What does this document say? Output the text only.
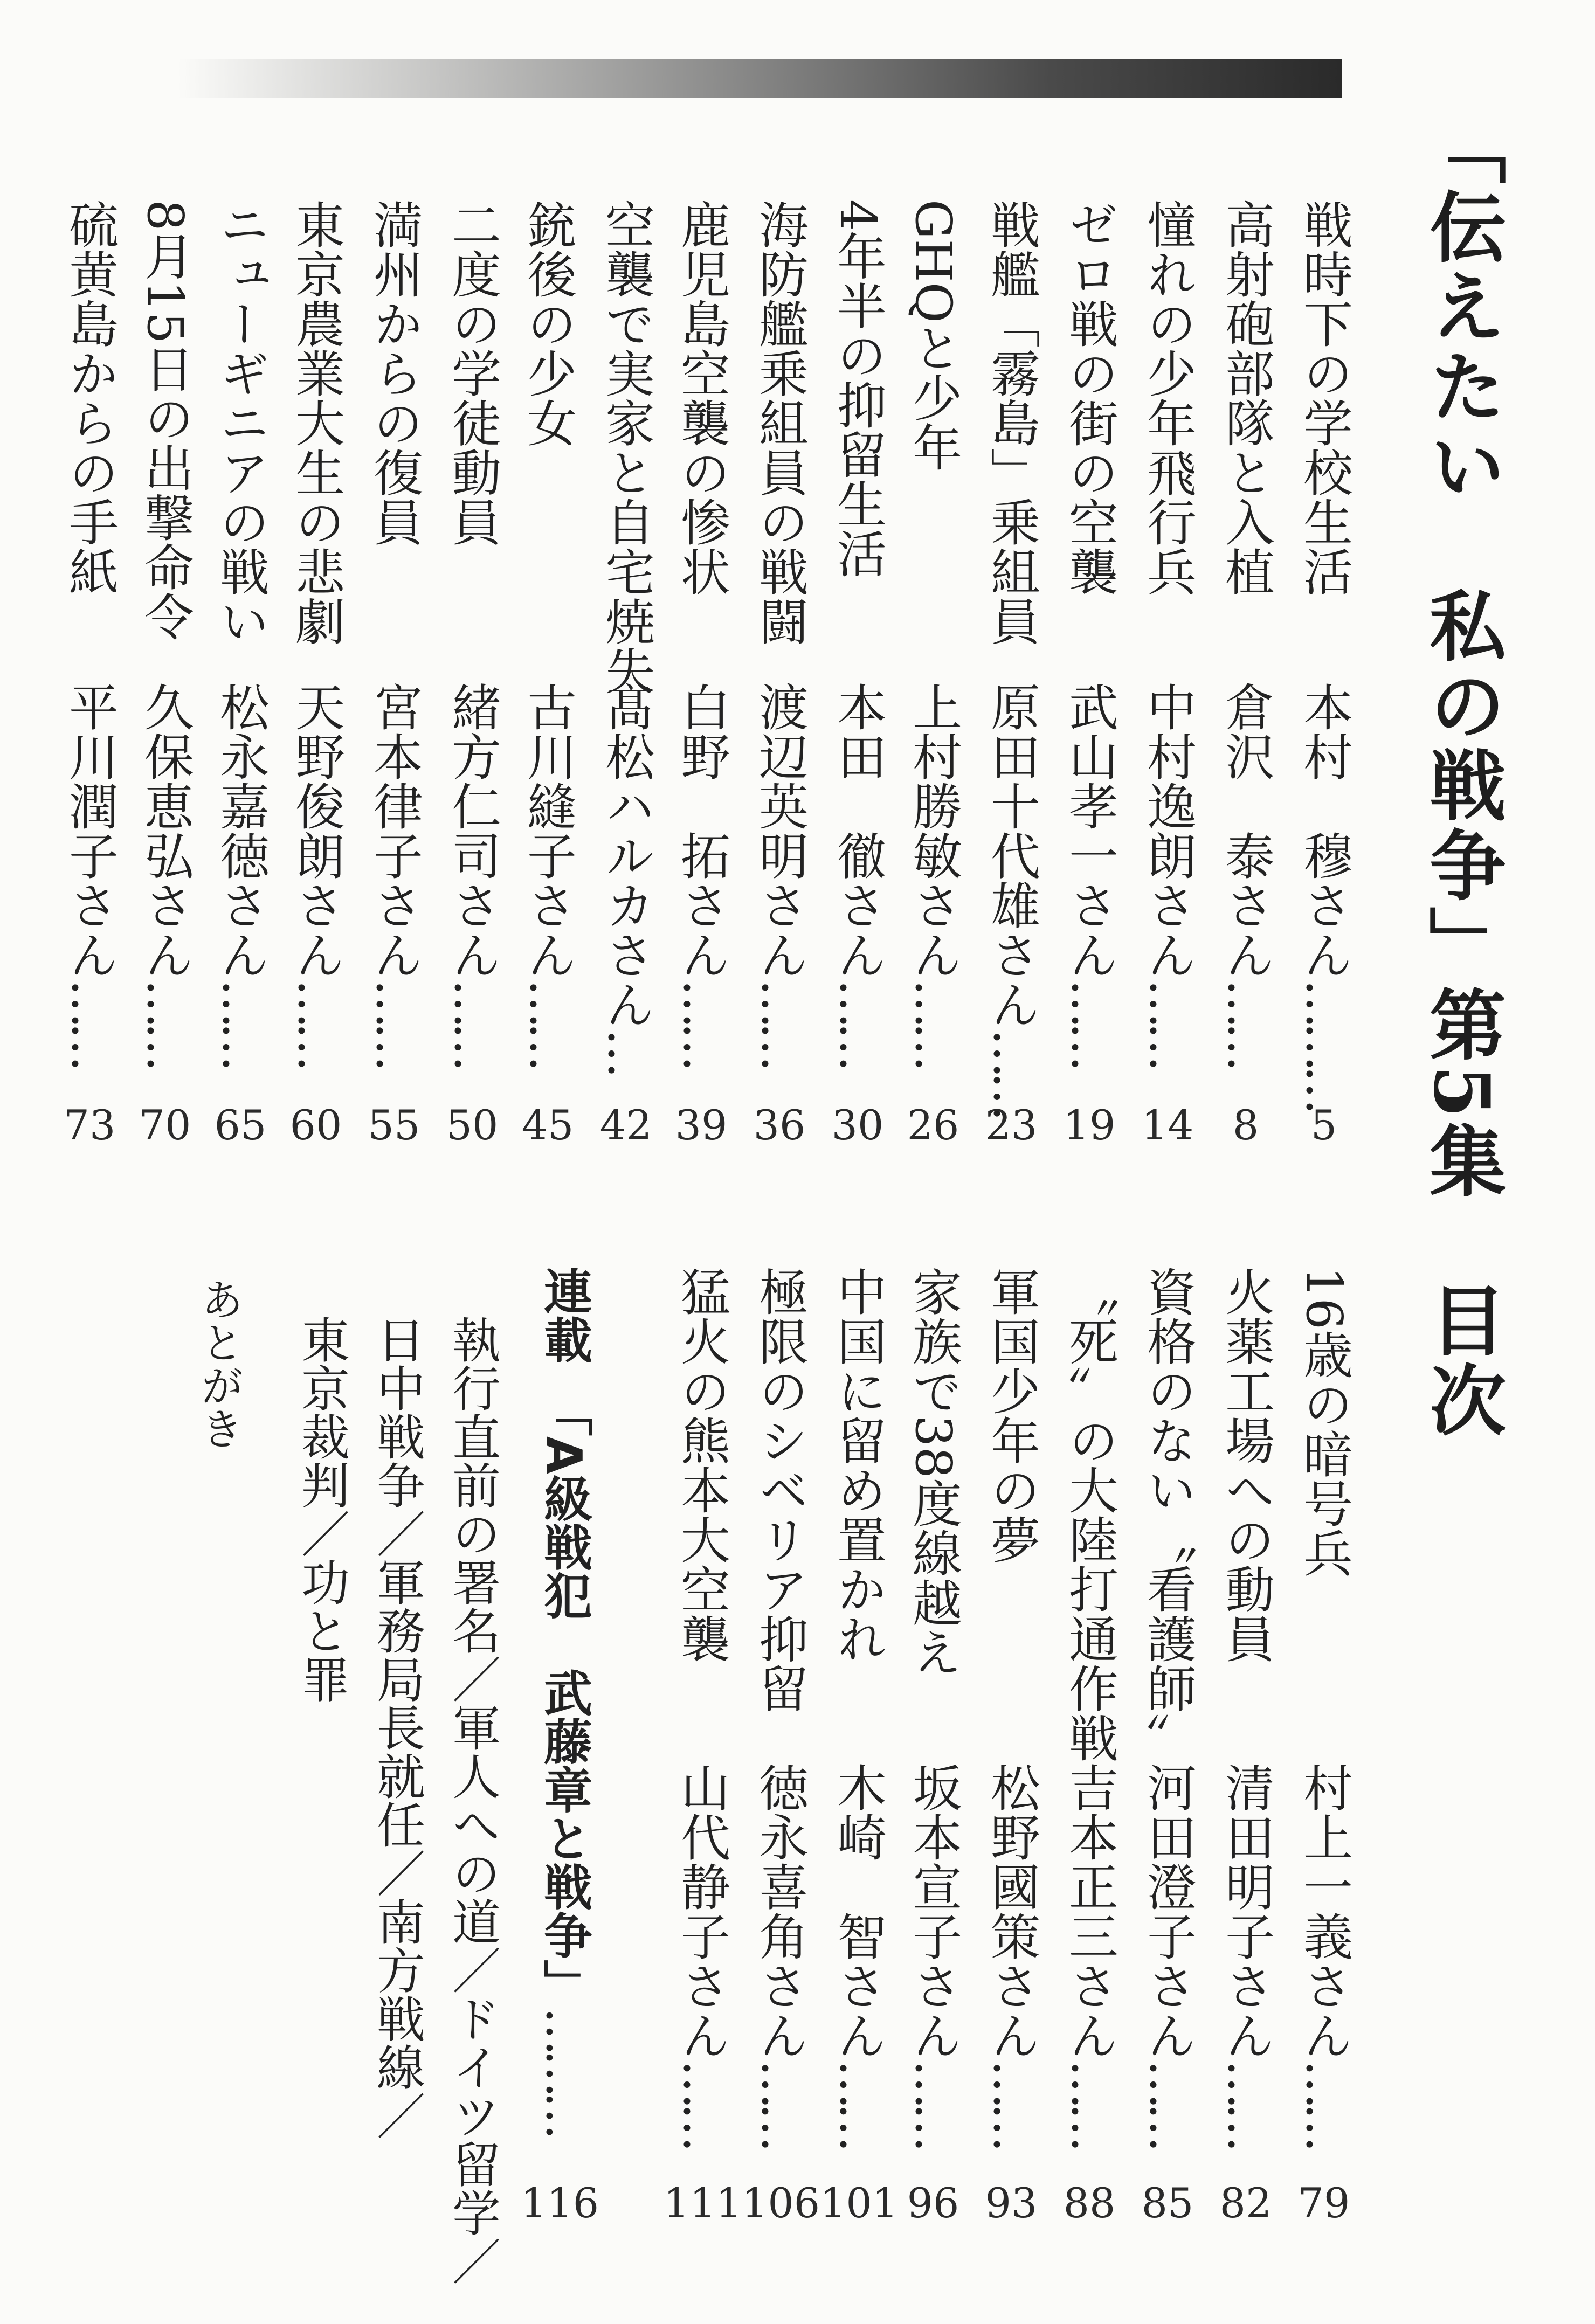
「伝えたい　私の戦争」第5集　目次
戦時下の学校生活
高射砲部隊と入植
憧れの少年飛行兵
ゼロ戦の街の空襲
戦艦「霧島」乗組員
GHQと少年
4年半の抑留生活
海防艦乗組員の戦闘
鹿児島空襲の惨状
空襲で実家と自宅焼失
銃後の少女
二度の学徒動員
満州からの復員
東京農業大生の悲劇
ニューギニアの戦い
8月15日の出撃命令
硫黄島からの手紙
本村　穆さん………
倉沢　泰さん……
中村逸朗さん……
武山孝一さん……
原田十代雄さん……
上村勝敏さん……
本田　徹さん……
渡辺英明さん……
白野　拓さん……
髙松ハルカさん…
古川縫子さん……
緒方仁司さん……
宮本律子さん……
天野俊朗さん……
松永嘉徳さん……
久保恵弘さん……
平川潤子さん……
5
8
14
19
23
26
30
36
39
42
45
50
55
60
65
70
73
16歳の暗号兵
火薬工場への動員
資格のない〝看護師〟
〝死〟の大陸打通作戦
軍国少年の夢
家族で38度線越え
中国に留め置かれ
極限のシベリア抑留
猛火の熊本大空襲
村上一義さん……
清田明子さん……
河田澄子さん……
吉本正三さん……
松野國策さん……
坂本宣子さん……
木崎　智さん……
徳永喜角さん……
山代静子さん……
79
82
85
88
93
96
101
106
111
連載　「A級戦犯　武藤章と戦争」………
116
執行直前の署名／軍人への道／ドイツ留学／
日中戦争／軍務局長就任／南方戦線／
東京裁判／功と罪
あとがき
